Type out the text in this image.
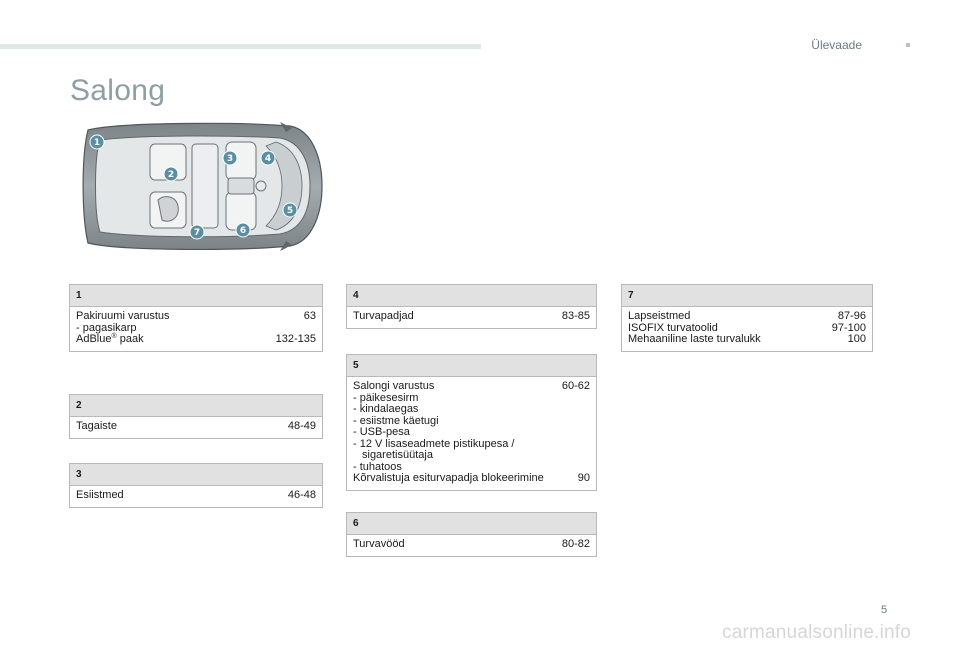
Ülevaade
Salong
1
2
3	4
5
6
7
1
Pakiruumi varustus	63
- pagasikarp
AdBlue® paak	132-135
2
Tagaiste	48-49
3
Esiistmed	46-48
4
Turvapadjad	83-85
5
Salongi varustus	60-62
- päikesesirm
- kindalaegas
- esiistme käetugi
- USB-pesa
- 12 V lisaseadmete pistikupesa / sigaretisüütaja
- tuhatoos
Kõrvalistuja esiturvapadja blokeerimine	90
6
Turvavööd	80-82
7
Lapseistmed	87-96
ISOFIX turvatoolid	97-100
Mehaaniline laste turvalukk	100
5
carmanualsonline.info
